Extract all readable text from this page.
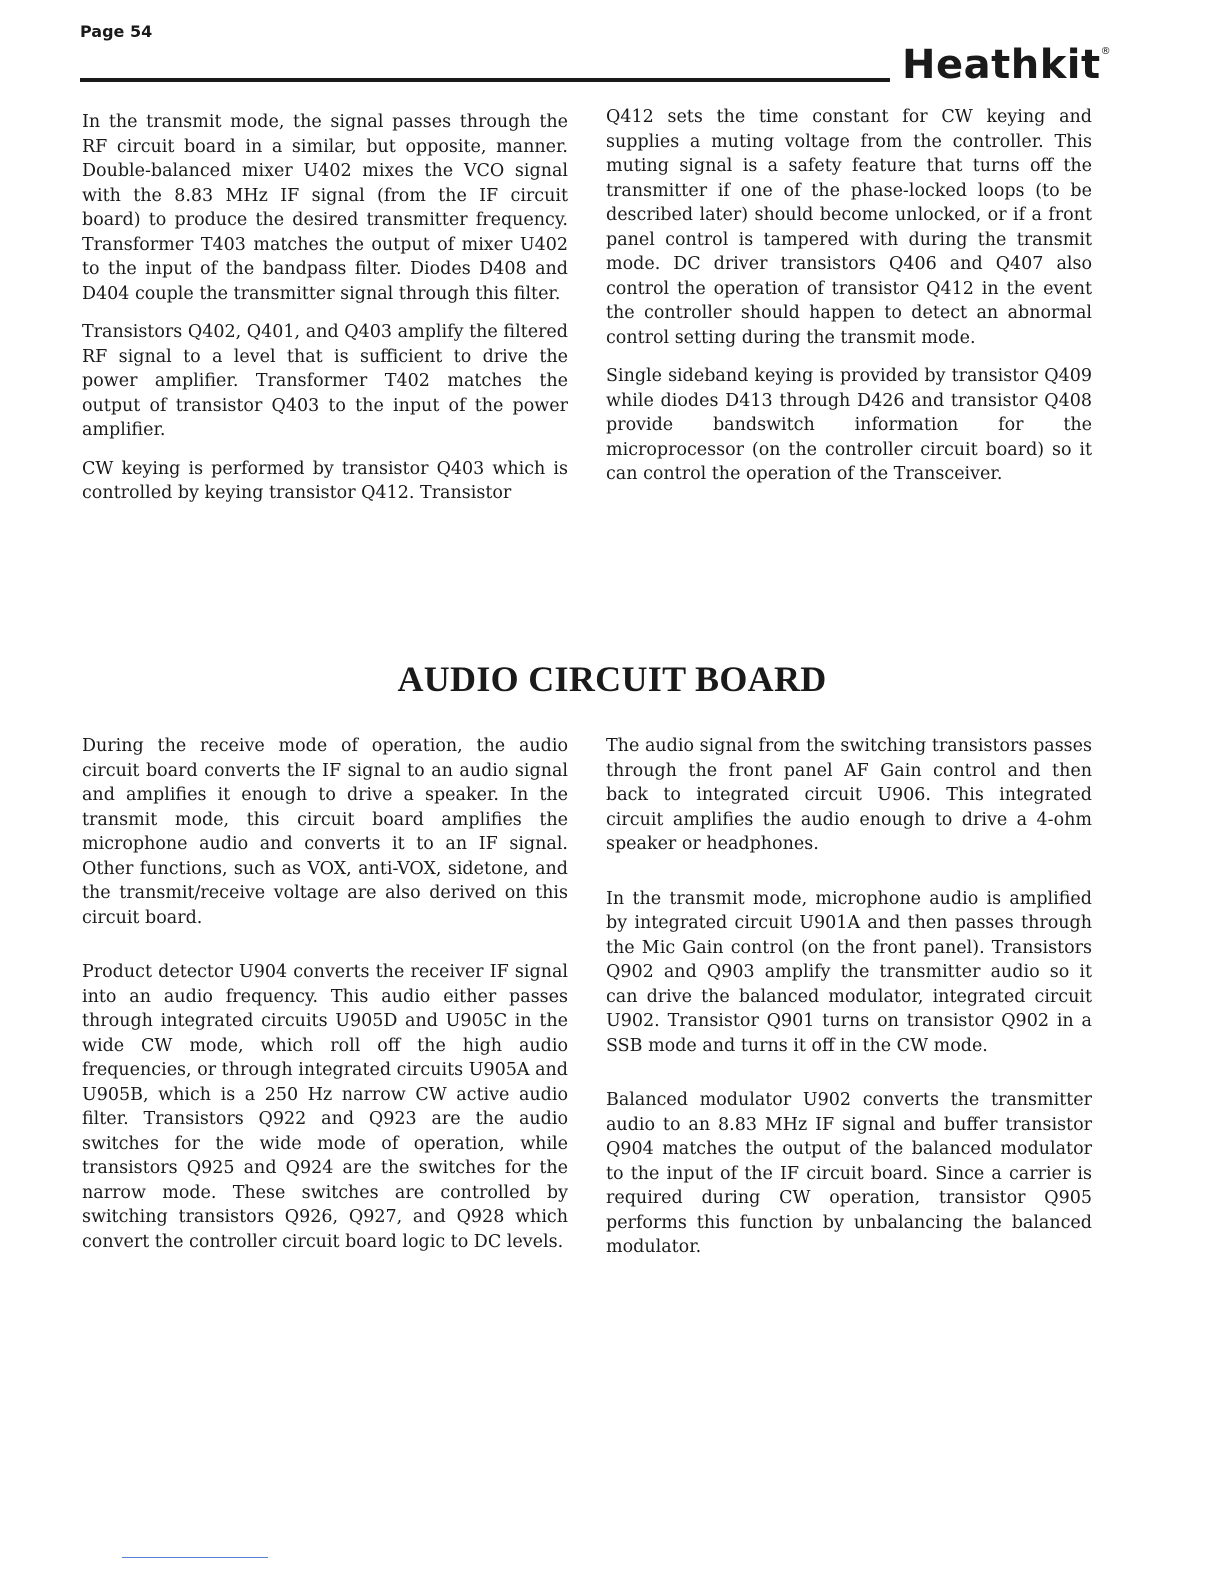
Page 54
Heathkit®

In the transmit mode, the signal passes through the RF circuit board in a similar, but opposite, manner. Double-balanced mixer U402 mixes the VCO signal with the 8.83 MHz IF signal (from the IF circuit board) to produce the desired transmitter frequency. Transformer T403 matches the output of mixer U402 to the input of the bandpass filter. Diodes D408 and D404 couple the transmitter signal through this filter.

Transistors Q402, Q401, and Q403 amplify the filtered RF signal to a level that is sufficient to drive the power amplifier. Transformer T402 matches the output of transistor Q403 to the input of the power amplifier.

CW keying is performed by transistor Q403 which is controlled by keying transistor Q412. Transistor

Q412 sets the time constant for CW keying and supplies a muting voltage from the controller. This muting signal is a safety feature that turns off the transmitter if one of the phase-locked loops (to be described later) should become unlocked, or if a front panel control is tampered with during the transmit mode. DC driver transistors Q406 and Q407 also control the operation of transistor Q412 in the event the controller should happen to detect an abnormal control setting during the transmit mode.

Single sideband keying is provided by transistor Q409 while diodes D413 through D426 and transistor Q408 provide bandswitch information for the microprocessor (on the controller circuit board) so it can control the operation of the Transceiver.

AUDIO CIRCUIT BOARD

During the receive mode of operation, the audio circuit board converts the IF signal to an audio signal and amplifies it enough to drive a speaker. In the transmit mode, this circuit board amplifies the microphone audio and converts it to an IF signal. Other functions, such as VOX, anti-VOX, sidetone, and the transmit/receive voltage are also derived on this circuit board.

Product detector U904 converts the receiver IF signal into an audio frequency. This audio either passes through integrated circuits U905D and U905C in the wide CW mode, which roll off the high audio frequencies, or through integrated circuits U905A and U905B, which is a 250 Hz narrow CW active audio filter. Transistors Q922 and Q923 are the audio switches for the wide mode of operation, while transistors Q925 and Q924 are the switches for the narrow mode. These switches are controlled by switching transistors Q926, Q927, and Q928 which convert the controller circuit board logic to DC levels.

The audio signal from the switching transistors passes through the front panel AF Gain control and then back to integrated circuit U906. This integrated circuit amplifies the audio enough to drive a 4-ohm speaker or headphones.

In the transmit mode, microphone audio is amplified by integrated circuit U901A and then passes through the Mic Gain control (on the front panel). Transistors Q902 and Q903 amplify the transmitter audio so it can drive the balanced modulator, integrated circuit U902. Transistor Q901 turns on transistor Q902 in a SSB mode and turns it off in the CW mode.

Balanced modulator U902 converts the transmitter audio to an 8.83 MHz IF signal and buffer transistor Q904 matches the output of the balanced modulator to the input of the IF circuit board. Since a carrier is required during CW operation, transistor Q905 performs this function by unbalancing the balanced modulator.
